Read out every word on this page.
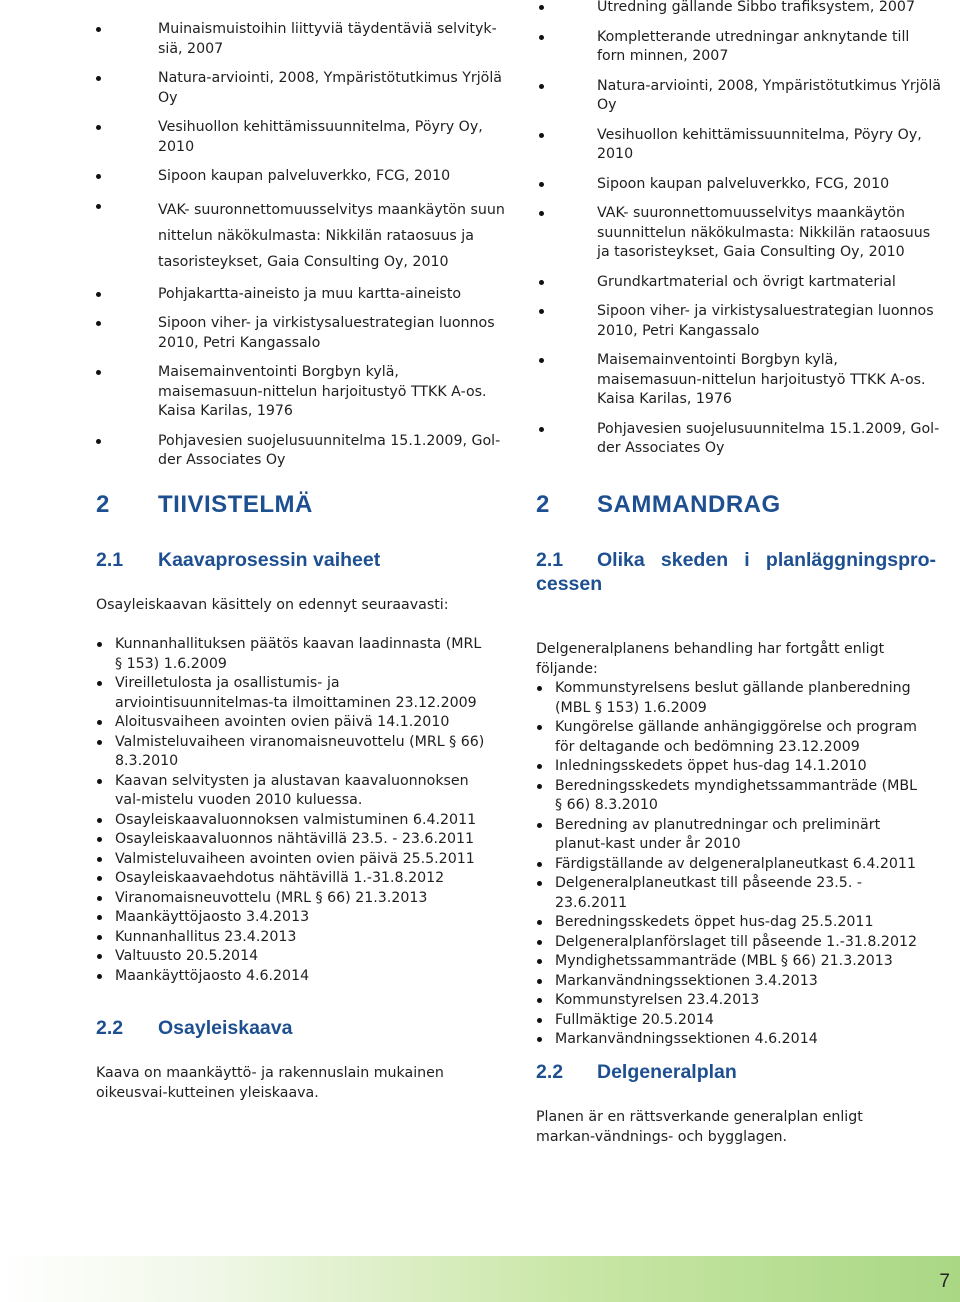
Muinaismuistoihin liittyviä täydentäviä selvityk-siä, 2007
Natura-arviointi, 2008, Ympäristötutkimus Yrjölä Oy
Vesihuollon kehittämissuunnitelma, Pöyry Oy, 2010
Sipoon kaupan palveluverkko, FCG, 2010
VAK- suuronnettomuusselvitys maankäytön suun nittelun näkökulmasta: Nikkilän rataosuus ja tasoristeykset, Gaia Consulting Oy, 2010
Pohjakartta-aineisto ja muu kartta-aineisto
Sipoon viher- ja virkistysaluestrategian luonnos 2010, Petri Kangassalo
Maisemainventointi Borgbyn kylä, maisemasuun-nittelun harjoitustyö TTKK A-os. Kaisa Karilas, 1976
Pohjavesien suojelusuunnitelma 15.1.2009, Gol-der Associates Oy
2 TIIVISTELMÄ
2.1 Kaavaprosessin vaiheet

Osayleiskaavan käsittely on edennyt seuraavasti:

Kunnanhallituksen päätös kaavan laadinnasta (MRL § 153) 1.6.2009
Vireilletulosta ja osallistumis- ja arviointisuunnitelmas-ta ilmoittaminen 23.12.2009
Aloitusvaiheen avointen ovien päivä 14.1.2010
Valmisteluvaiheen viranomaisneuvottelu (MRL § 66) 8.3.2010
Kaavan selvitysten ja alustavan kaavaluonnoksen val-mistelu vuoden 2010 kuluessa.
Osayleiskaavaluonnoksen valmistuminen 6.4.2011
Osayleiskaavaluonnos nähtävillä 23.5. - 23.6.2011
Valmisteluvaiheen avointen ovien päivä 25.5.2011
Osayleiskaavaehdotus nähtävillä 1.-31.8.2012
Viranomaisneuvottelu (MRL § 66) 21.3.2013
Maankäyttöjaosto 3.4.2013
Kunnanhallitus 23.4.2013
Valtuusto 20.5.2014
Maankäyttöjaosto 4.6.2014
2.2 Osayleiskaava

Kaava on maankäyttö- ja rakennuslain mukainen oikeusvai-kutteinen yleiskaava.

Utredning gällande Sibbo trafiksystem, 2007
Kompletterande utredningar anknytande till forn minnen, 2007
Natura-arviointi, 2008, Ympäristötutkimus Yrjölä Oy
Vesihuollon kehittämissuunnitelma, Pöyry Oy, 2010
Sipoon kaupan palveluverkko, FCG, 2010
VAK- suuronnettomuusselvitys maankäytön suunnittelun näkökulmasta: Nikkilän rataosuus ja tasoristeykset, Gaia Consulting Oy, 2010
Grundkartmaterial och övrigt kartmaterial
Sipoon viher- ja virkistysaluestrategian luonnos 2010, Petri Kangassalo
Maisemainventointi Borgbyn kylä, maisemasuun-nittelun harjoitustyö TTKK A-os. Kaisa Karilas, 1976
Pohjavesien suojelusuunnitelma 15.1.2009, Gol-der Associates Oy
2 SAMMANDRAG
2.1 Olika skeden i planläggningspro-cessen

Delgeneralplanens behandling har fortgått enligt följande:

Kommunstyrelsens beslut gällande planberedning (MBL § 153) 1.6.2009
Kungörelse gällande anhängiggörelse och program för deltagande och bedömning 23.12.2009
Inledningsskedets öppet hus-dag 14.1.2010
Beredningsskedets myndighetssammanträde (MBL § 66) 8.3.2010
Beredning av planutredningar och preliminärt planut-kast under år 2010
Färdigställande av delgeneralplaneutkast 6.4.2011
Delgeneralplaneutkast till påseende 23.5. - 23.6.2011
Beredningsskedets öppet hus-dag 25.5.2011
Delgeneralplanförslaget till påseende 1.-31.8.2012
Myndighetssammanträde (MBL § 66) 21.3.2013
Markanvändningssektionen 3.4.2013
Kommunstyrelsen 23.4.2013
Fullmäktige 20.5.2014
Markanvändningssektionen 4.6.2014
2.2 Delgeneralplan

Planen är en rättsverkande generalplan enligt markan-vändnings- och bygglagen.

7
